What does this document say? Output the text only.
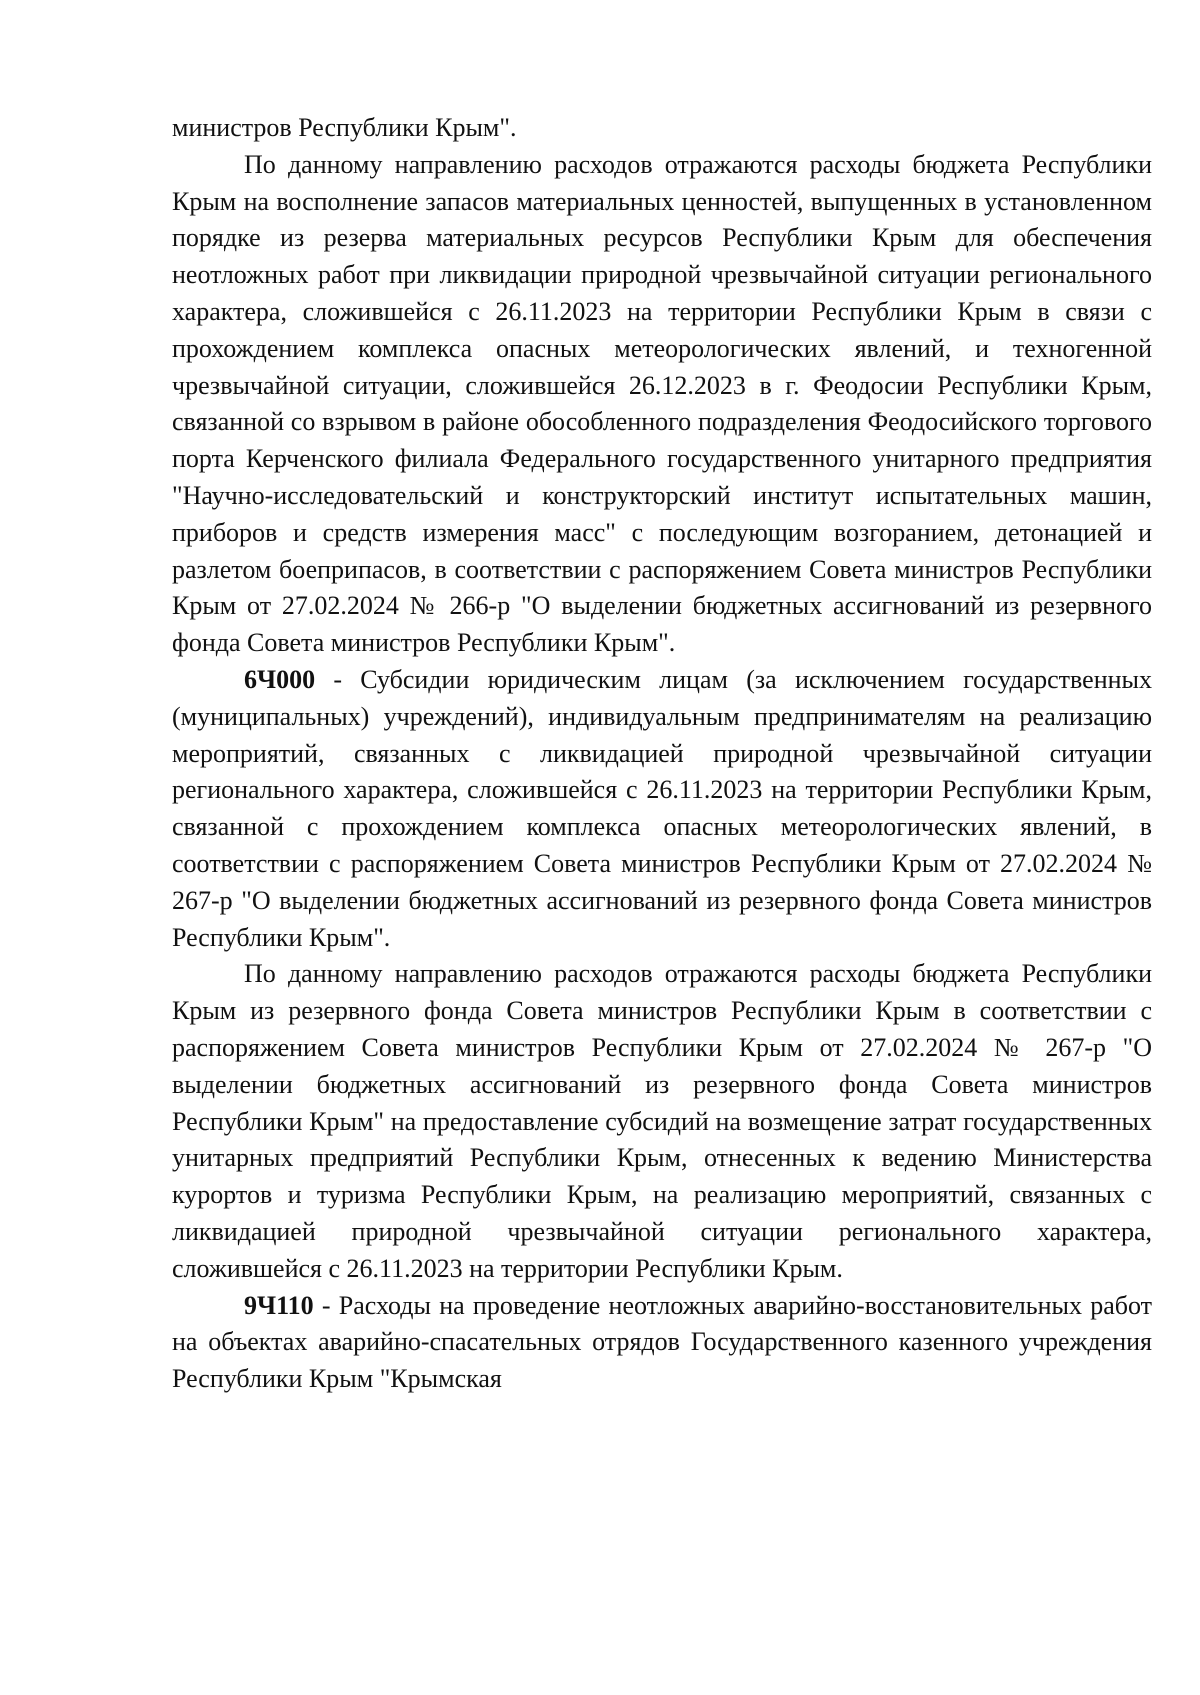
министров Республики Крым".

По данному направлению расходов отражаются расходы бюджета Республики Крым на восполнение запасов материальных ценностей, выпущенных в установленном порядке из резерва материальных ресурсов Республики Крым для обеспечения неотложных работ при ликвидации природной чрезвычайной ситуации регионального характера, сложившейся с 26.11.2023 на территории Республики Крым в связи с прохождением комплекса опасных метеорологических явлений, и техногенной чрезвычайной ситуации, сложившейся 26.12.2023 в г. Феодосии Республики Крым, связанной со взрывом в районе обособленного подразделения Феодосийского торгового порта Керченского филиала Федерального государственного унитарного предприятия "Научно-исследовательский и конструкторский институт испытательных машин, приборов и средств измерения масс" с последующим возгоранием, детонацией и разлетом боеприпасов, в соответствии с распоряжением Совета министров Республики Крым от 27.02.2024 № 266-р "О выделении бюджетных ассигнований из резервного фонда Совета министров Республики Крым".

6Ч000 - Субсидии юридическим лицам (за исключением государственных (муниципальных) учреждений), индивидуальным предпринимателям на реализацию мероприятий, связанных с ликвидацией природной чрезвычайной ситуации регионального характера, сложившейся с 26.11.2023 на территории Республики Крым, связанной с прохождением комплекса опасных метеорологических явлений, в соответствии с распоряжением Совета министров Республики Крым от 27.02.2024 № 267-р "О выделении бюджетных ассигнований из резервного фонда Совета министров Республики Крым".

По данному направлению расходов отражаются расходы бюджета Республики Крым из резервного фонда Совета министров Республики Крым в соответствии с распоряжением Совета министров Республики Крым от 27.02.2024 № 267-р "О выделении бюджетных ассигнований из резервного фонда Совета министров Республики Крым" на предоставление субсидий на возмещение затрат государственных унитарных предприятий Республики Крым, отнесенных к ведению Министерства курортов и туризма Республики Крым, на реализацию мероприятий, связанных с ликвидацией природной чрезвычайной ситуации регионального характера, сложившейся с 26.11.2023 на территории Республики Крым.

9Ч110 - Расходы на проведение неотложных аварийно-восстановительных работ на объектах аварийно-спасательных отрядов Государственного казенного учреждения Республики Крым "Крымская
